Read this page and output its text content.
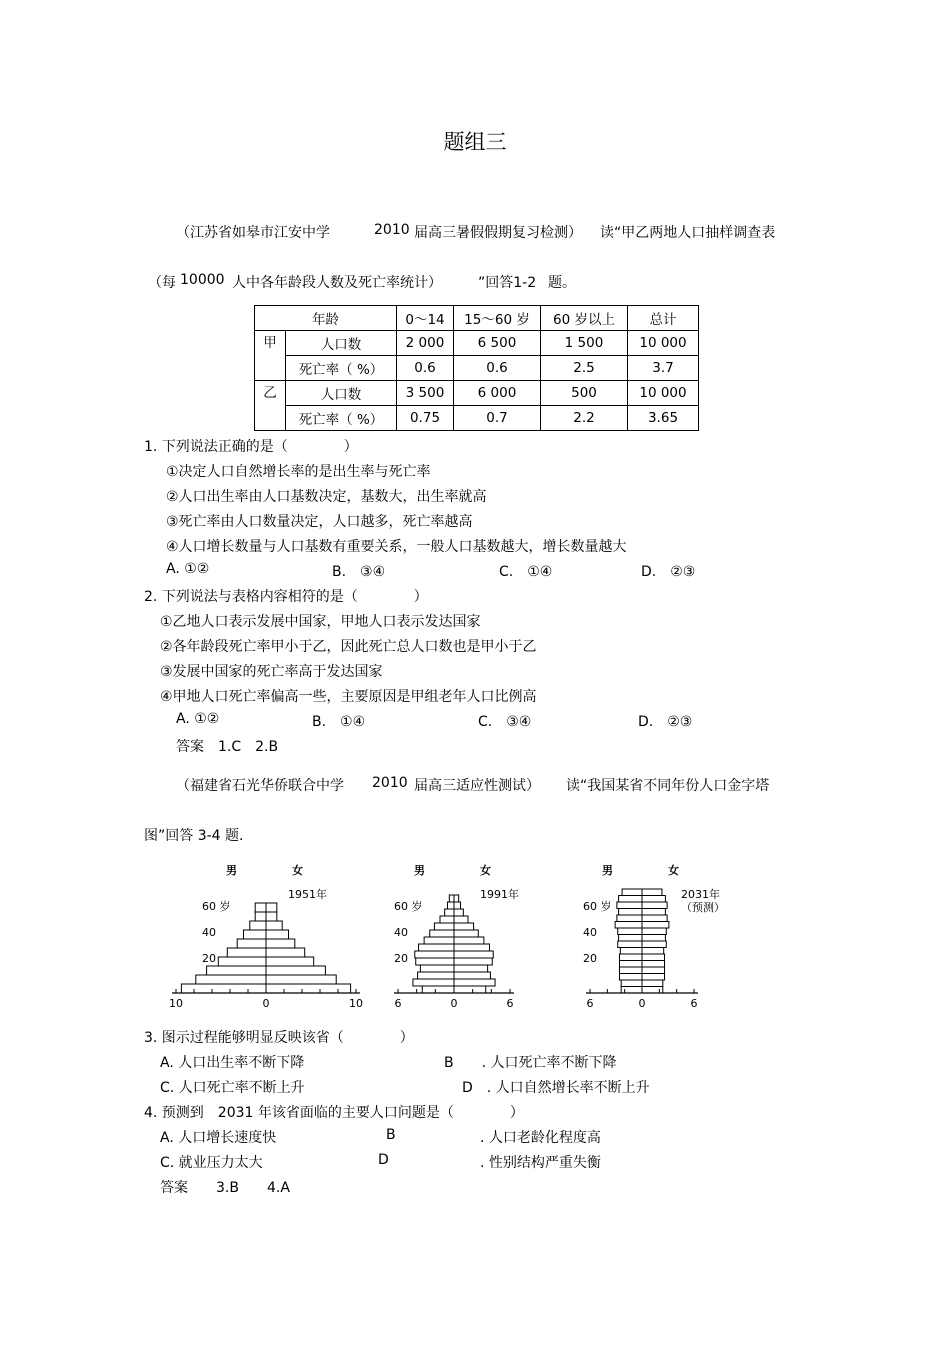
题组三
（江苏省如皋市江安中学	2010 届高三暑假假期复习检测） 读“甲乙两地人口抽样调查表
（每 10000 人中各年龄段人数及死亡率统计）	”回答1-2 题。
年龄		0～14	15～60 岁	60 岁以上	总计
甲	人口数	2 000	6 500	1 500	10 000
	死亡率（ %）	0.6	0.6	2.5	3.7
乙	人口数	3 500	6 000	500	10 000
	死亡率（ %）	0.75	0.7	2.2	3.65
1. 下列说法正确的是（　　　　）
①决定人口自然增长率的是出生率与死亡率
②人口出生率由人口基数决定，基数大，出生率就高
③死亡率由人口数量决定，人口越多，死亡率越高
④人口增长数量与人口基数有重要关系，一般人口基数越大，增长数量越大
A. ①②	B.　③④	C.　①④	D.　②③
2. 下列说法与表格内容相符的是（　　　　）
①乙地人口表示发展中国家，甲地人口表示发达国家
②各年龄段死亡率甲小于乙，因此死亡总人口数也是甲小于乙
③发展中国家的死亡率高于发达国家
④甲地人口死亡率偏高一些，主要原因是甲组老年人口比例高
A. ①②	B.　①④	C.　③④	D.　②③
答案　1.C　2.B
（福建省石光华侨联合中学 2010 届高三适应性测试） 读“我国某省不同年份人口金字塔
图”回答 3-4 题.
10	0	10
男	女
60 岁
40
20
1951年
6	0	6
男	女
60 岁
40
20
1991年
6	0	6
男	女
60 岁
40
20
2031年
（预测）
3. 图示过程能够明显反映该省（　　　　）
A. 人口出生率不断下降	B　　. 人口死亡率不断下降
C. 人口死亡率不断上升	D　. 人口自然增长率不断上升
4. 预测到　2031 年该省面临的主要人口问题是（　　　　）
A. 人口增长速度快	B	. 人口老龄化程度高
C. 就业压力太大	D	. 性别结构严重失衡
答案　　3.B　　4.A
